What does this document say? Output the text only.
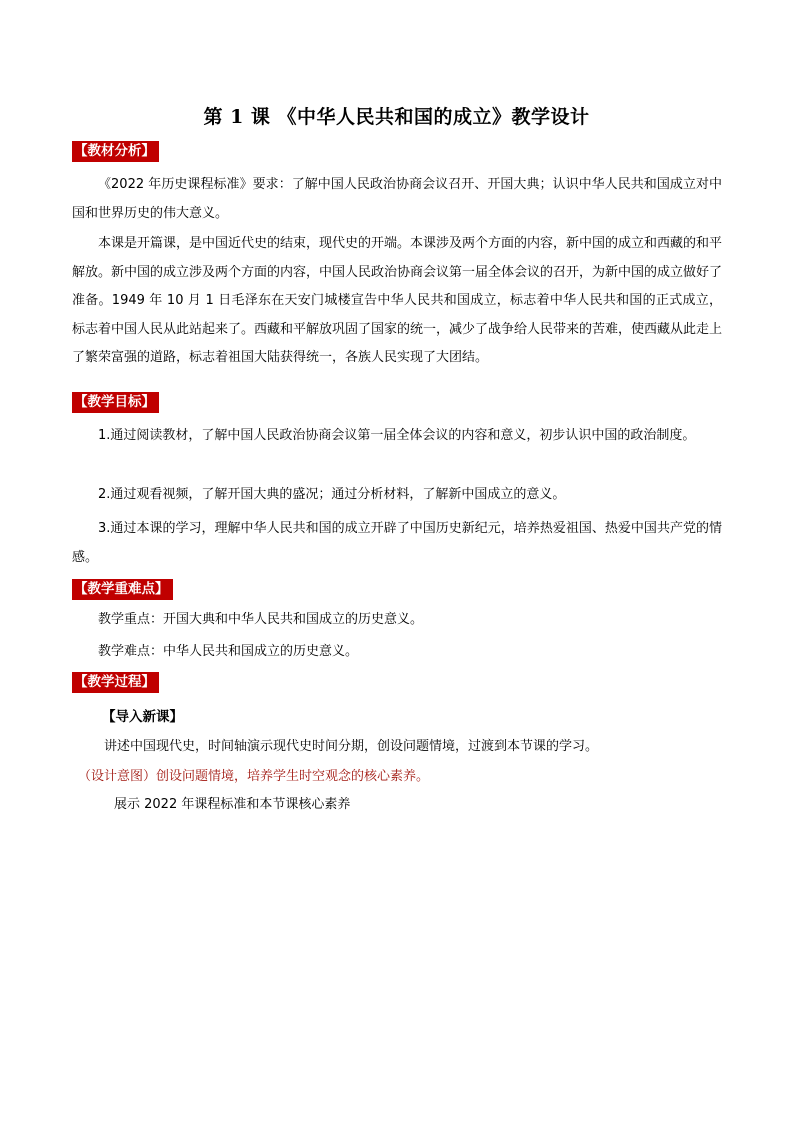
第 1 课 《中华人民共和国的成立》教学设计
【教材分析】

《2022 年历史课程标准》要求：了解中国人民政治协商会议召开、开国大典；认识中华人民共和国成立对中国和世界历史的伟大意义。

本课是开篇课，是中国近代史的结束，现代史的开端。本课涉及两个方面的内容，新中国的成立和西藏的和平解放。新中国的成立涉及两个方面的内容，中国人民政治协商会议第一届全体会议的召开，为新中国的成立做好了准备。1949 年 10 月 1 日毛泽东在天安门城楼宣告中华人民共和国成立，标志着中华人民共和国的正式成立，标志着中国人民从此站起来了。西藏和平解放巩固了国家的统一，减少了战争给人民带来的苦难，使西藏从此走上了繁荣富强的道路，标志着祖国大陆获得统一，各族人民实现了大团结。

【教学目标】

1.通过阅读教材，了解中国人民政治协商会议第一届全体会议的内容和意义，初步认识中国的政治制度。

2.通过观看视频，了解开国大典的盛况；通过分析材料，了解新中国成立的意义。

3.通过本课的学习，理解中华人民共和国的成立开辟了中国历史新纪元，培养热爱祖国、热爱中国共产党的情感。

【教学重难点】

教学重点：开国大典和中华人民共和国成立的历史意义。

教学难点：中华人民共和国成立的历史意义。

【教学过程】
【导入新课】
讲述中国现代史，时间轴演示现代史时间分期，创设问题情境，过渡到本节课的学习。
（设计意图）创设问题情境，培养学生时空观念的核心素养。
展示 2022 年课程标准和本节课核心素养
